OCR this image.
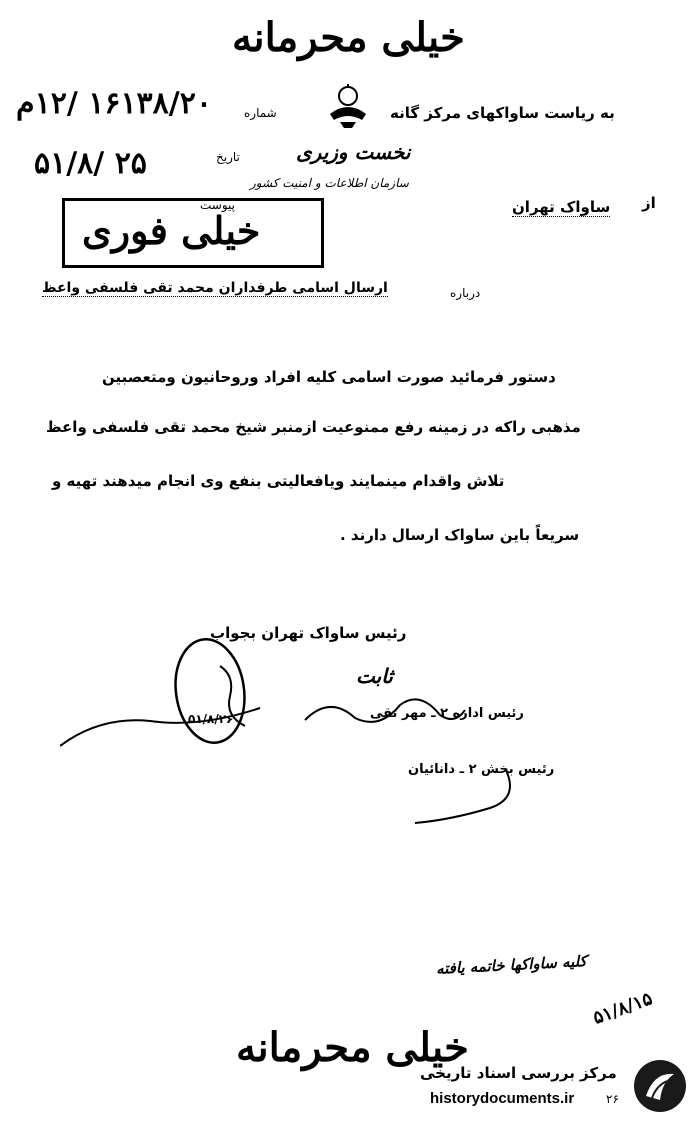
خیلی محرمانه
شماره
۱۶۱۳۸/۲۰ /۱۲م	به ریاست ساواکهای مرکز گانه
نخست وزیری
سازمان اطلاعات و امنیت کشور
تاریخ
۵۱/۸/ ۲۵
از
ساواک تهران
پیوست
خیلی فوری
درباره
ارسال اسامی طرفداران محمد تقی فلسفی واعظ
دستور فرمائید صورت اسامی کلیه افراد وروحانیون ومتعصبین
مذهبی راکه در زمینه رفع ممنوعیت ازمنبر شیخ محمد تقی فلسفی واعظ
تلاش واقدام مینمایند ویافعالیتی بنفع وی انجام میدهند تهیه و
سریعاً باین ساواک ارسال دارند .
رئیس ساواک تهران بجواب
ثابت
۵۱/۸/۲۶	رئیس اداره ۲ ـ مهر تقی
رئیس بخش ۲ ـ دانائیان
کلیه ساواکها خاتمه یافته
۵۱/۸/۱۵
خیلی محرمانه
مرکز بررسی اسناد تاریخی
historydocuments.ir	۲۶
